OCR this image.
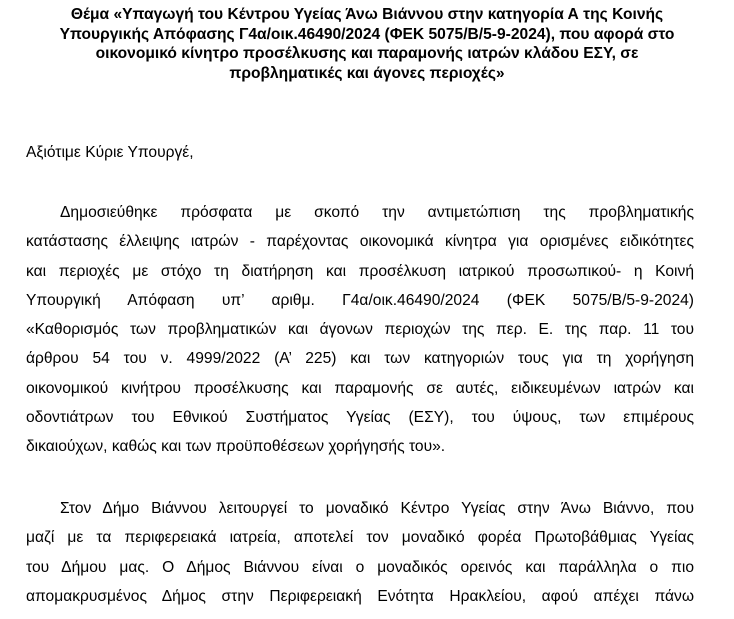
Θέμα «Υπαγωγή του Κέντρου Υγείας Άνω Βιάννου στην κατηγορία Α της Κοινής
Υπουργικής Απόφασης Γ4α/οικ.46490/2024 (ΦΕΚ 5075/Β/5-9-2024), που αφορά στο
οικονομικό κίνητρο προσέλκυσης και παραμονής ιατρών κλάδου ΕΣΥ, σε
προβληματικές και άγονες περιοχές»
Αξιότιμε Κύριε Υπουργέ,
Δημοσιεύθηκε πρόσφατα με σκοπό την αντιμετώπιση της προβληματικής
κατάστασης έλλειψης ιατρών - παρέχοντας οικονομικά κίνητρα για ορισμένες ειδικότητες
και περιοχές με στόχο τη διατήρηση και προσέλκυση ιατρικού προσωπικού- η Κοινή
Υπουργική Απόφαση υπ’ αριθμ. Γ4α/οικ.46490/2024 (ΦΕΚ 5075/Β/5-9-2024)
«Καθορισμός των προβληματικών και άγονων περιοχών της περ. Ε. της παρ. 11 του
άρθρου 54 του ν. 4999/2022 (Α’ 225) και των κατηγοριών τους για τη χορήγηση
οικονομικού κινήτρου προσέλκυσης και παραμονής σε αυτές, ειδικευμένων ιατρών και
οδοντιάτρων του Εθνικού Συστήματος Υγείας (ΕΣΥ), του ύψους, των επιμέρους
δικαιούχων, καθώς και των προϋποθέσεων χορήγησής του».
Στον Δήμο Βιάννου λειτουργεί το μοναδικό Κέντρο Υγείας στην Άνω Βιάννο, που
μαζί με τα περιφερειακά ιατρεία, αποτελεί τον μοναδικό φορέα Πρωτοβάθμιας Υγείας
του Δήμου μας. Ο Δήμος Βιάννου είναι ο μοναδικός ορεινός και παράλληλα ο πιο
απομακρυσμένος Δήμος στην Περιφερειακή Ενότητα Ηρακλείου, αφού απέχει πάνω
